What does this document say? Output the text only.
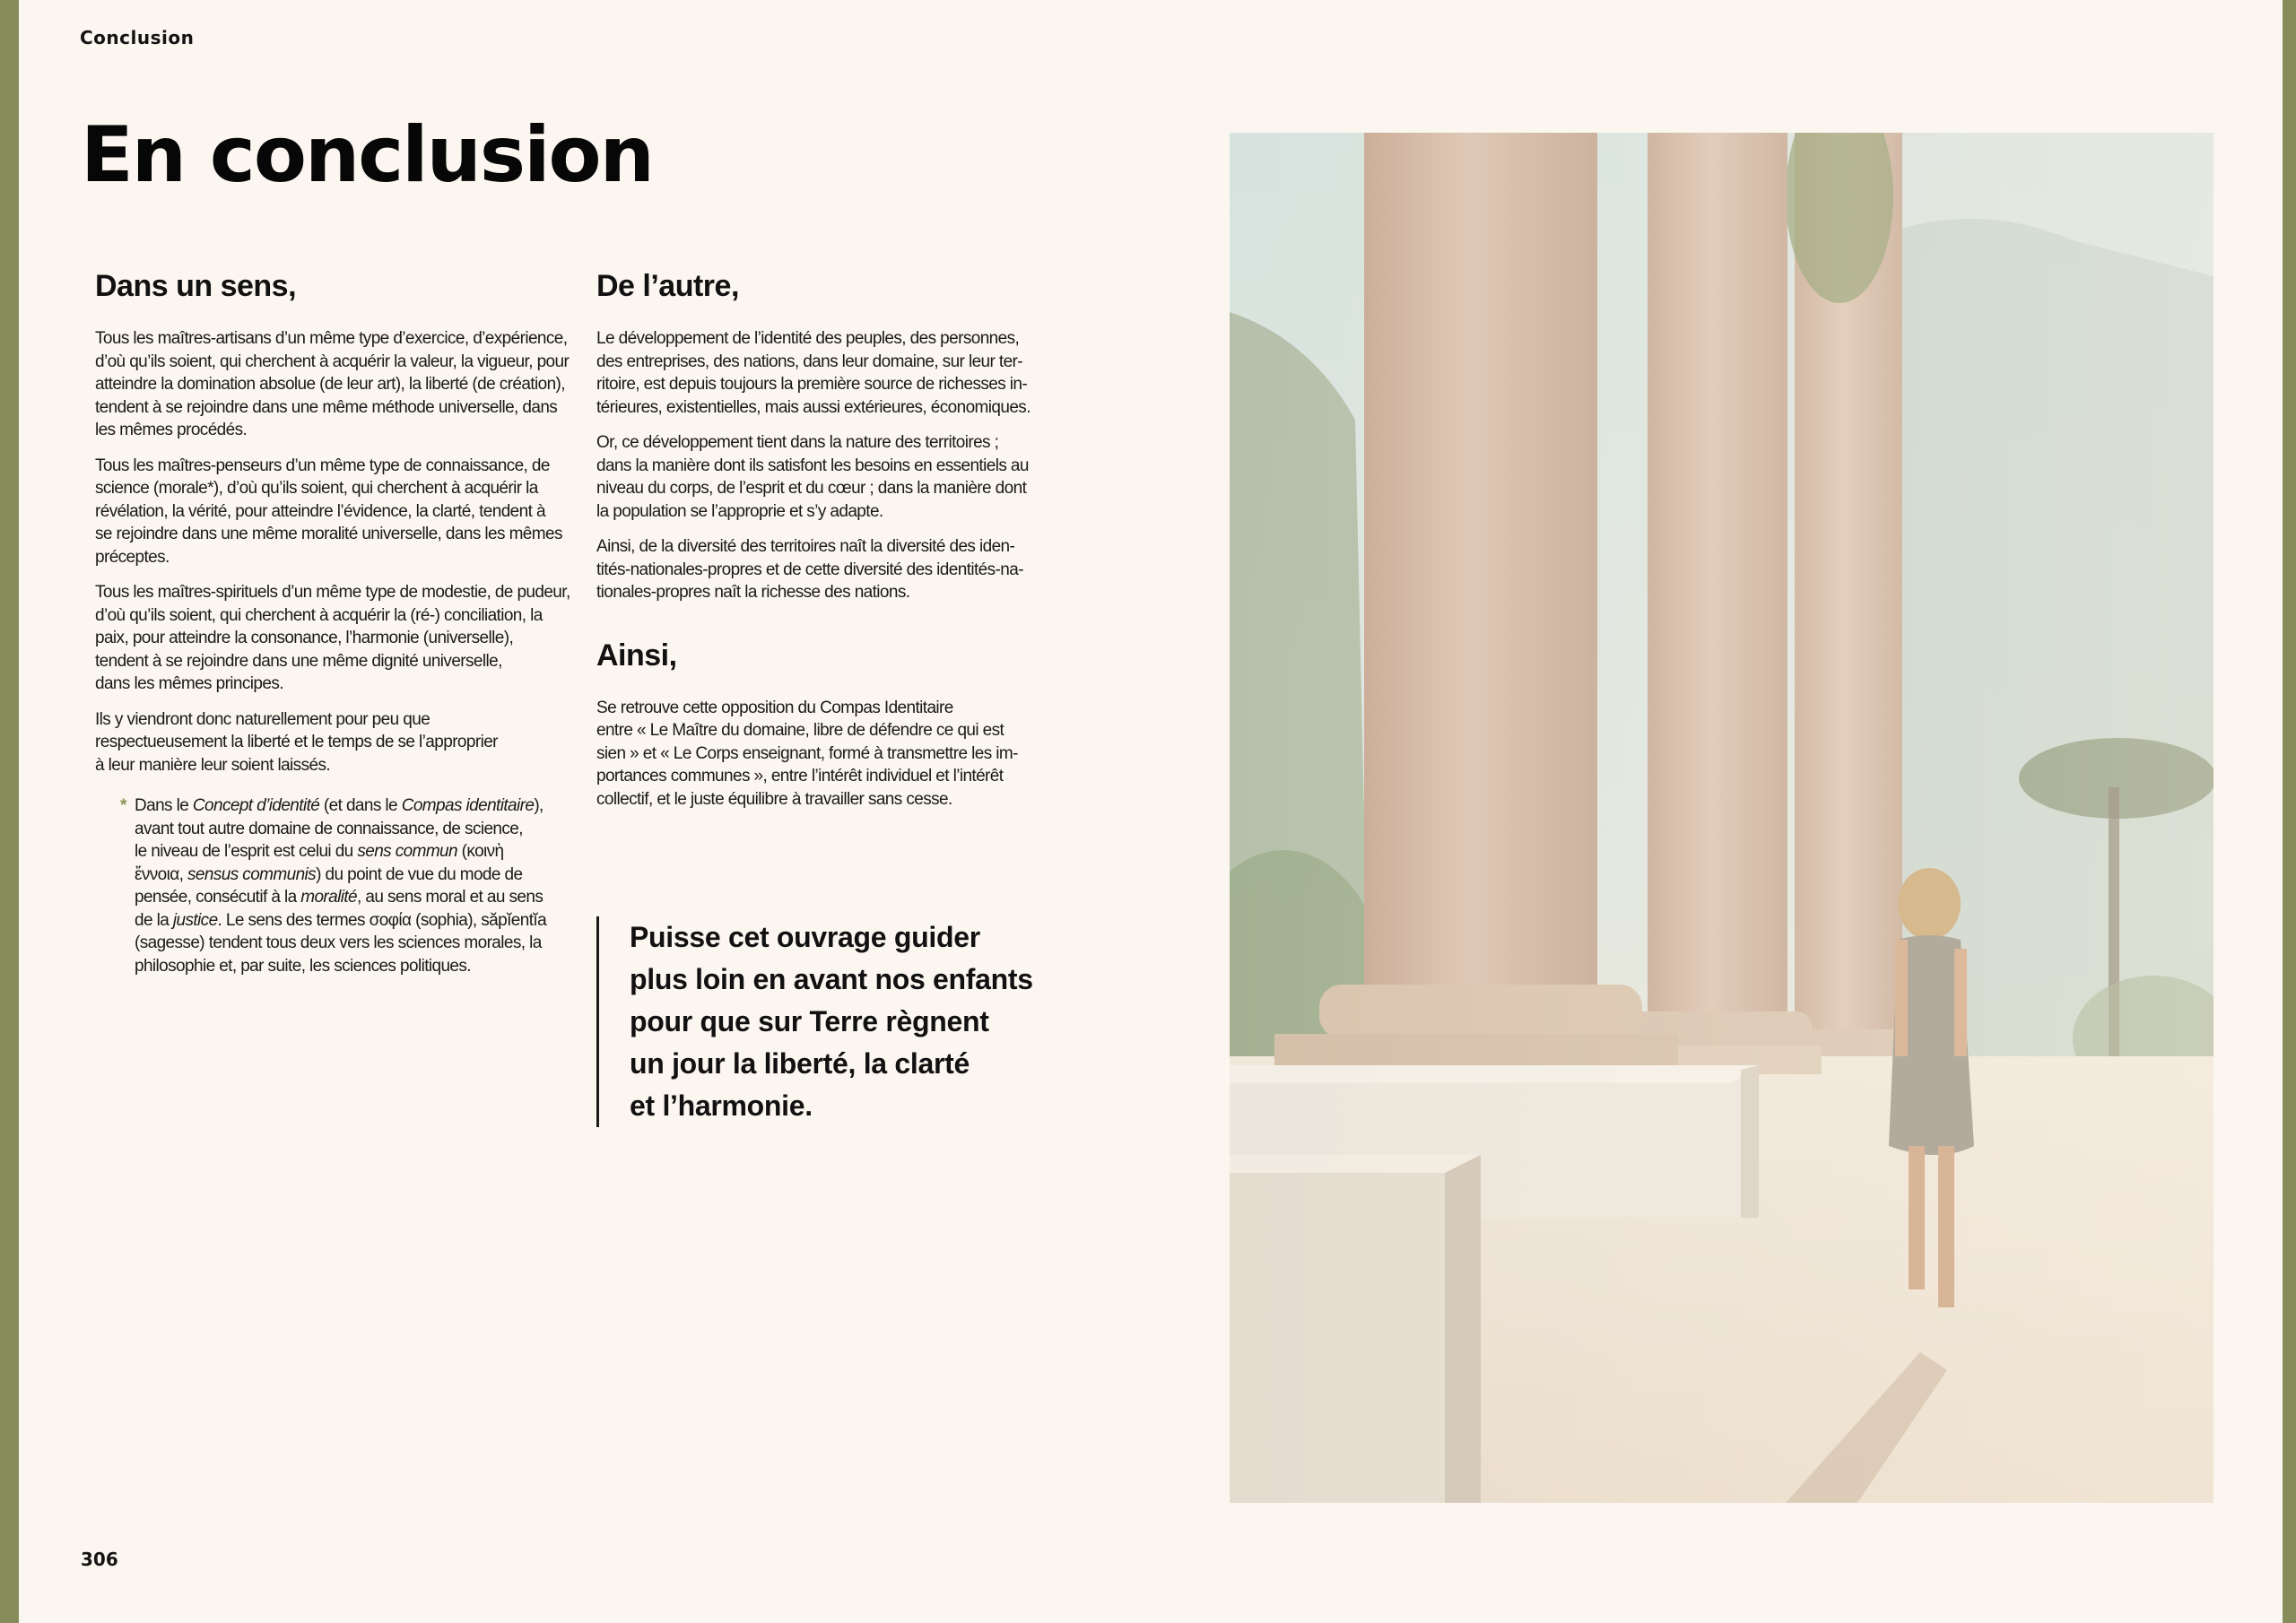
Conclusion
En conclusion
Dans un sens,

Tous les maîtres-artisans d’un même type d’exercice, d’expérience,
d’où qu’ils soient, qui cherchent à acquérir la valeur, la vigueur, pour
atteindre la domination absolue (de leur art), la liberté (de création),
tendent à se rejoindre dans une même méthode universelle, dans
les mêmes procédés.

Tous les maîtres-penseurs d’un même type de connaissance, de
science (morale*), d’où qu’ils soient, qui cherchent à acquérir la
révélation, la vérité, pour atteindre l’évidence, la clarté, tendent à
se rejoindre dans une même moralité universelle, dans les mêmes
préceptes.

Tous les maîtres-spirituels d’un même type de modestie, de pudeur,
d’où qu’ils soient, qui cherchent à acquérir la (ré-) conciliation, la
paix, pour atteindre la consonance, l’harmonie (universelle),
tendent à se rejoindre dans une même dignité universelle,
dans les mêmes principes.

Ils y viendront donc naturellement pour peu que
respectueusement la liberté et le temps de se l’approprier
à leur manière leur soient laissés.

* Dans le Concept d’identité (et dans le Compas identitaire),
avant tout autre domaine de connaissance, de science,
le niveau de l’esprit est celui du sens commun (κοινὴ
ἔννοια, sensus communis) du point de vue du mode de
pensée, consécutif à la moralité, au sens moral et au sens
de la justice. Le sens des termes σοφία (sophia), săpĭentĭa
(sagesse) tendent tous deux vers les sciences morales, la
philosophie et, par suite, les sciences politiques.
De l’autre,

Le développement de l’identité des peuples, des personnes,
des entreprises, des nations, dans leur domaine, sur leur ter-
ritoire, est depuis toujours la première source de richesses in-
térieures, existentielles, mais aussi extérieures, économiques.

Or, ce développement tient dans la nature des territoires ;
dans la manière dont ils satisfont les besoins en essentiels au
niveau du corps, de l’esprit et du cœur ; dans la manière dont
la population se l’approprie et s’y adapte.

Ainsi, de la diversité des territoires naît la diversité des iden-
tités-nationales-propres et de cette diversité des identités-na-
tionales-propres naît la richesse des nations.

Ainsi,

Se retrouve cette opposition du Compas Identitaire
entre « Le Maître du domaine, libre de défendre ce qui est
sien » et « Le Corps enseignant, formé à transmettre les im-
portances communes », entre l’intérêt individuel et l’intérêt
collectif, et le juste équilibre à travailler sans cesse.

Puisse cet ouvrage guider
plus loin en avant nos enfants
pour que sur Terre règnent
un jour la liberté, la clarté
et l’harmonie.
306
